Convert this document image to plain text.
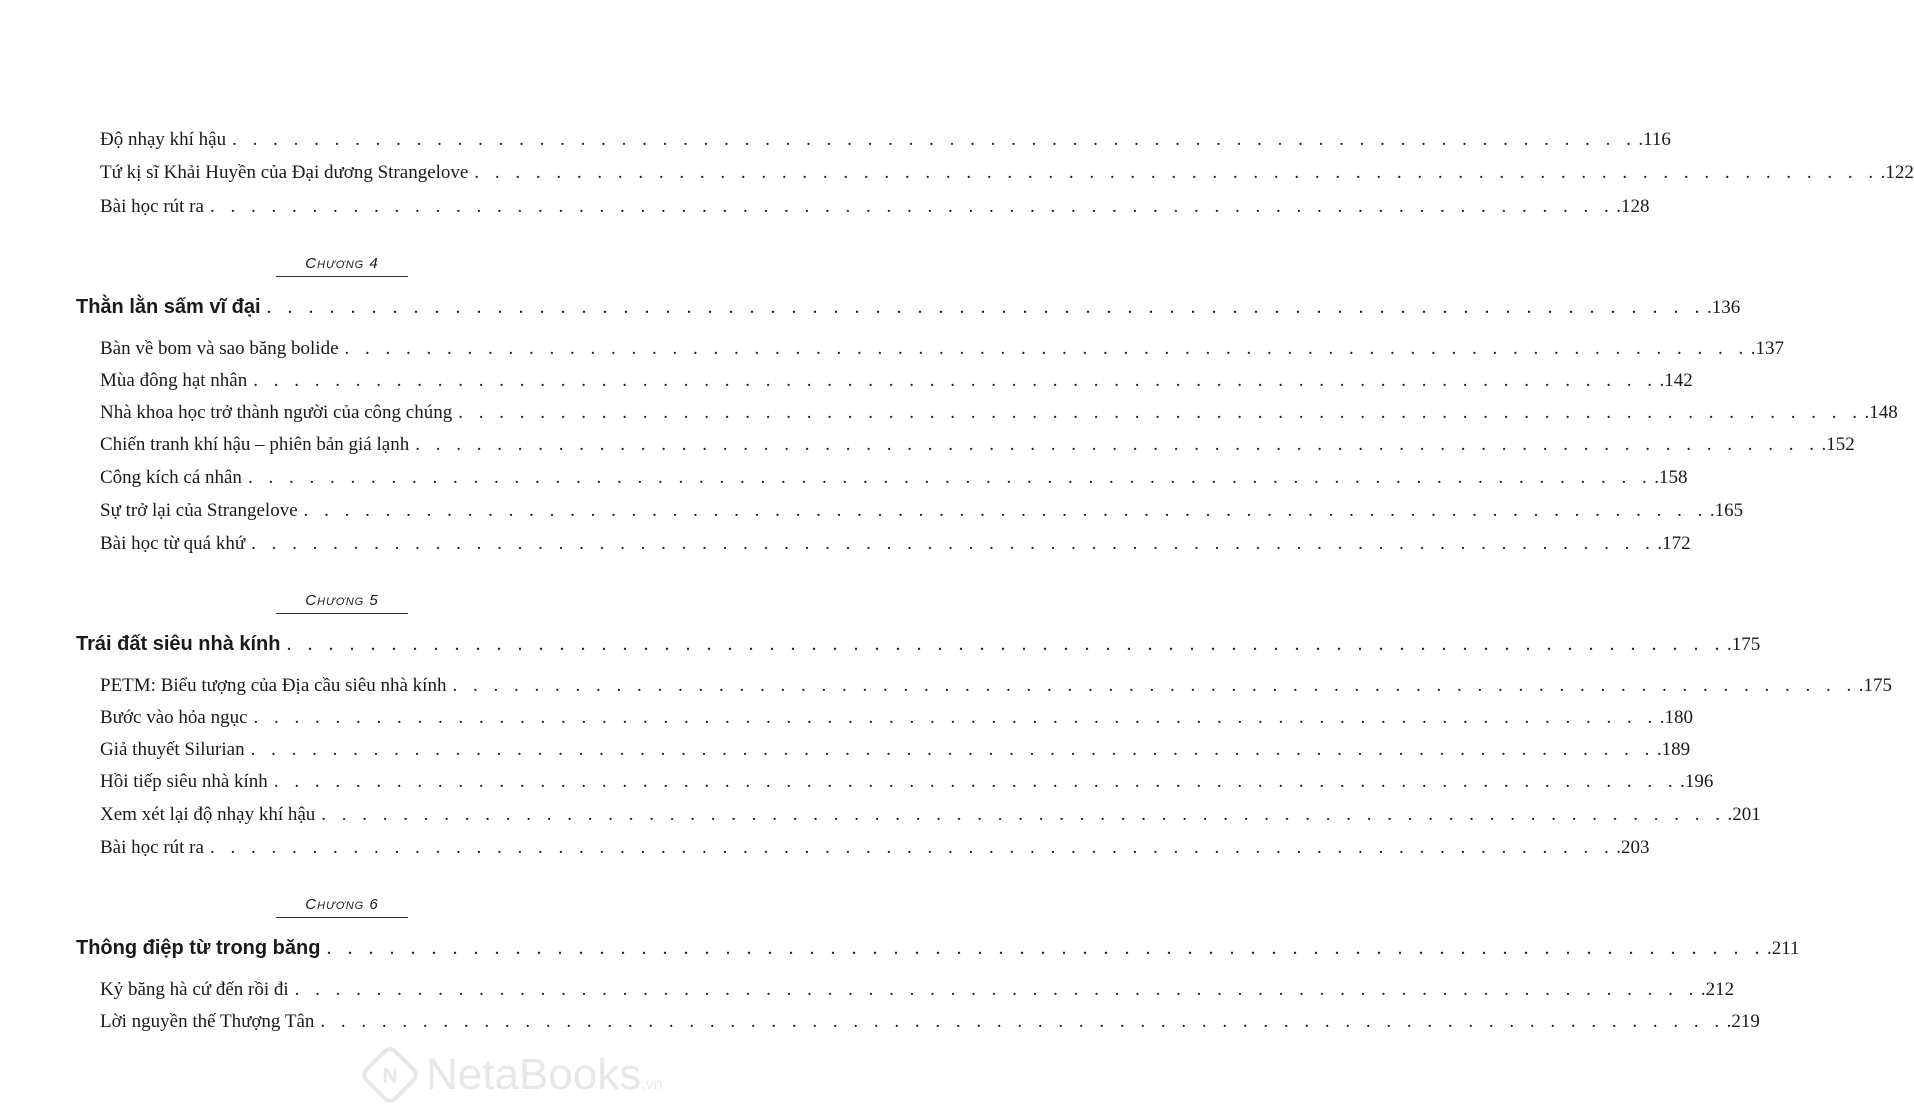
Độ nhạy khí hậu . . . . . . . . . . . . . . . . . . . . . . . . . . . . . . . . . . . . . . . . . . . . . . . . . . . . . . . . . . . . . . . . . . . . . .116
Tứ kị sĩ Khải Huyền của Đại dương Strangelove . . . . . . . . . . . . . . . . . . . . . . . . . . . . . . . . . . . . . . . . . . . . . . . . . . . . . . . . . . . . . . . . . . . . . .122
Bài học rút ra . . . . . . . . . . . . . . . . . . . . . . . . . . . . . . . . . . . . . . . . . . . . . . . . . . . . . . . . . . . . . . . . . . . . . .128
CHƯƠNG 4
Thằn lằn sấm vĩ đại . . . . . . . . . . . . . . . . . . . . . . . . . . . . . . . . . . . . . . . . . . . . . . . . . . . . . . . . . . . . . . . . . . . . . .136
Bàn về bom và sao băng bolide . . . . . . . . . . . . . . . . . . . . . . . . . . . . . . . . . . . . . . . . . . . . . . . . . . . . . . . . . . . . . . . . . . . . . .137
Mùa đông hạt nhân . . . . . . . . . . . . . . . . . . . . . . . . . . . . . . . . . . . . . . . . . . . . . . . . . . . . . . . . . . . . . . . . . . . . . .142
Nhà khoa học trở thành người của công chúng . . . . . . . . . . . . . . . . . . . . . . . . . . . . . . . . . . . . . . . . . . . . . . . . . . . . . . . . . . . . . . . . . . . . . .148
Chiến tranh khí hậu – phiên bản giá lạnh . . . . . . . . . . . . . . . . . . . . . . . . . . . . . . . . . . . . . . . . . . . . . . . . . . . . . . . . . . . . . . . . . . . . . .152
Công kích cá nhân . . . . . . . . . . . . . . . . . . . . . . . . . . . . . . . . . . . . . . . . . . . . . . . . . . . . . . . . . . . . . . . . . . . . . .158
Sự trở lại của Strangelove . . . . . . . . . . . . . . . . . . . . . . . . . . . . . . . . . . . . . . . . . . . . . . . . . . . . . . . . . . . . . . . . . . . . . .165
Bài học từ quá khứ . . . . . . . . . . . . . . . . . . . . . . . . . . . . . . . . . . . . . . . . . . . . . . . . . . . . . . . . . . . . . . . . . . . . . .172
CHƯƠNG 5
Trái đất siêu nhà kính . . . . . . . . . . . . . . . . . . . . . . . . . . . . . . . . . . . . . . . . . . . . . . . . . . . . . . . . . . . . . . . . . . . . . .175
PETM: Biểu tượng của Địa cầu siêu nhà kính . . . . . . . . . . . . . . . . . . . . . . . . . . . . . . . . . . . . . . . . . . . . . . . . . . . . . . . . . . . . . . . . . . . . . .175
Bước vào hỏa ngục . . . . . . . . . . . . . . . . . . . . . . . . . . . . . . . . . . . . . . . . . . . . . . . . . . . . . . . . . . . . . . . . . . . . . .180
Giả thuyết Silurian . . . . . . . . . . . . . . . . . . . . . . . . . . . . . . . . . . . . . . . . . . . . . . . . . . . . . . . . . . . . . . . . . . . . . .189
Hồi tiếp siêu nhà kính . . . . . . . . . . . . . . . . . . . . . . . . . . . . . . . . . . . . . . . . . . . . . . . . . . . . . . . . . . . . . . . . . . . . . .196
Xem xét lại độ nhạy khí hậu . . . . . . . . . . . . . . . . . . . . . . . . . . . . . . . . . . . . . . . . . . . . . . . . . . . . . . . . . . . . . . . . . . . . . .201
Bài học rút ra . . . . . . . . . . . . . . . . . . . . . . . . . . . . . . . . . . . . . . . . . . . . . . . . . . . . . . . . . . . . . . . . . . . . . .203
CHƯƠNG 6
Thông điệp từ trong băng . . . . . . . . . . . . . . . . . . . . . . . . . . . . . . . . . . . . . . . . . . . . . . . . . . . . . . . . . . . . . . . . . . . . . .211
Kỷ băng hà cứ đến rồi đi . . . . . . . . . . . . . . . . . . . . . . . . . . . . . . . . . . . . . . . . . . . . . . . . . . . . . . . . . . . . . . . . . . . . . .212
Lời nguyền thế Thượng Tân . . . . . . . . . . . . . . . . . . . . . . . . . . . . . . . . . . . . . . . . . . . . . . . . . . . . . . . . . . . . . . . . . . . . . .219
N NetaBooks .vn
